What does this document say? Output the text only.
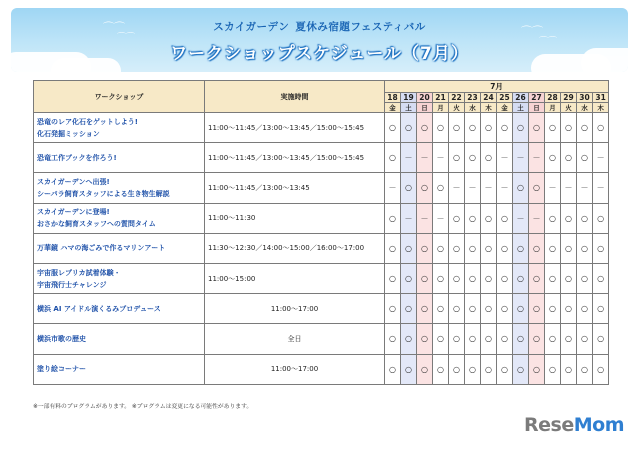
⌒⌒
⌒⌒	⌒⌒
⌒⌒
スカイガーデン 夏休み宿題フェスティバル
ワークショップスケジュール（7月）
ワークショップ	実施時間	7月													
		18	19	20	21	22	23	24	25	26	27	28	29	30	31
		金	土	日	月	火	水	木	金	土	日	月	火	水	木

恐竜のレア化石をゲットしよう!
化石発掘ミッション	11:00～11:45／13:00～13:45／15:00～15:45	○	○	○	○	○	○	○	○	○	○	○	○	○	○

恐竜工作ブックを作ろう!	11:00～11:45／13:00～13:45／15:00～15:45	○	－	－	－	○	○	○	－	－	－	○	○	○	－

スカイガーデンへ出張!
シーパラ飼育スタッフによる生き物生解説	11:00～11:45／13:00～13:45	－	○	○	○	－	－	－	－	○	○	－	－	－	－

スカイガーデンに登場!
おさかな飼育スタッフへの質問タイム	11:00～11:30	○	－	－	－	○	○	○	○	－	－	○	○	○	○

万華鏡 ハマの海ごみで作るマリンアート	11:30～12:30／14:00～15:00／16:00～17:00	○	○	○	○	○	○	○	○	○	○	○	○	○	○

宇宙服レプリカ試着体験・
宇宙飛行士チャレンジ	11:00～15:00	○	○	○	○	○	○	○	○	○	○	○	○	○	○

横浜 AI アイドル演くるみプロデュース	11:00～17:00	○	○	○	○	○	○	○	○	○	○	○	○	○	○

横浜市歌の歴史	全日	○	○	○	○	○	○	○	○	○	○	○	○	○	○

塗り絵コーナー	11:00～17:00	○	○	○	○	○	○	○	○	○	○	○	○	○	○
※一部有料のプログラムがあります。 ※プログラムは変更になる可能性があります。
ReseMom
